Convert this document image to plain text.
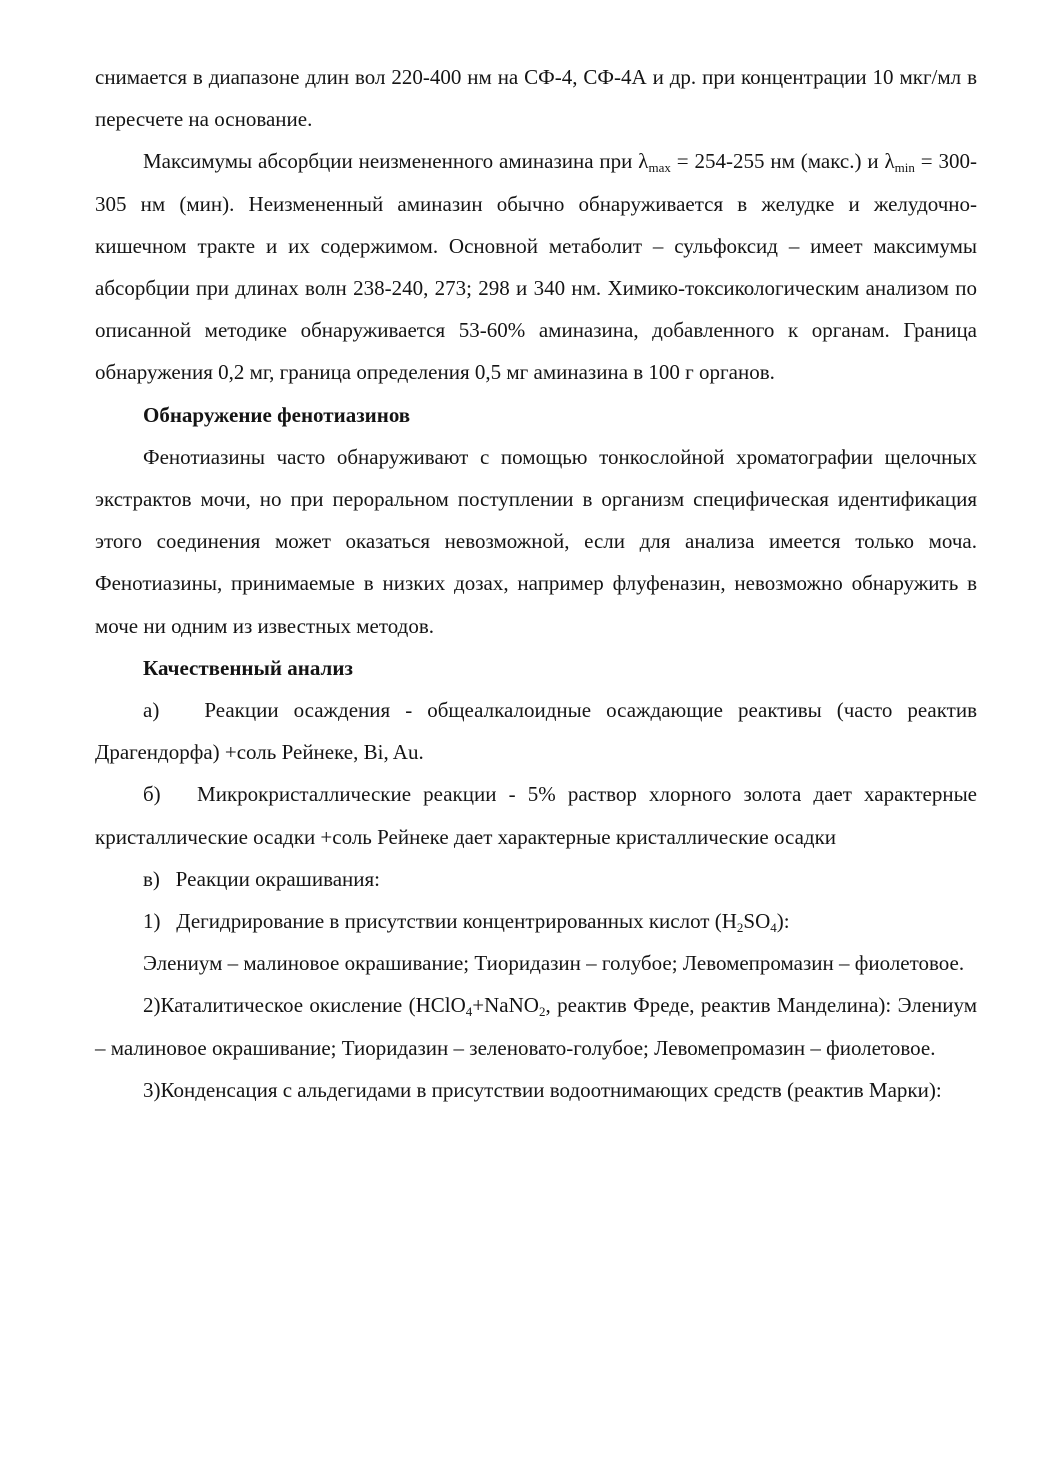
снимается в диапазоне длин вол 220-400 нм на СФ-4, СФ-4А и др. при концентрации 10 мкг/мл в пересчете на основание.

Максимумы абсорбции неизмененного аминазина при $\lambda_{max} = 254-255$ нм (макс.) и $\lambda_{min} = 300-305$ нм (мин). Неизмененный аминазин обычно обнаруживается в желудке и желудочно-кишечном тракте и их содержимом. Основной метаболит – сульфоксид – имеет максимумы абсорбции при длинах волн 238-240, 273; 298 и 340 нм. Химико-токсикологическим анализом по описанной методике обнаруживается 53-60% аминазина, добавленного к органам. Граница обнаружения 0,2 мг, граница определения 0,5 мг аминазина в 100 г органов.

Обнаружение фенотиазинов

Фенотиазины часто обнаруживают с помощью тонкослойной хроматографии щелочных экстрактов мочи, но при пероральном поступлении в организм специфическая идентификация этого соединения может оказаться невозможной, если для анализа имеется только моча. Фенотиазины, принимаемые в низких дозах, например флуфеназин, невозможно обнаружить в моче ни одним из известных методов.

Качественный анализ

а) Реакции осаждения - общеалкалоидные осаждающие реактивы (часто реактив Драгендорфа) +соль Рейнеке, Bi, Au.

б) Микрокристаллические реакции - 5% раствор хлорного золота дает характерные кристаллические осадки +соль Рейнеке дает характерные кристаллические осадки

в) Реакции окрашивания:

1) Дегидрирование в присутствии концентрированных кислот $(H_2SO_4)$:

Элениум – малиновое окрашивание; Тиоридазин – голубое; Левомепромазин – фиолетовое.

2)Каталитическое окисление (HClO$_4$+NaNO$_2$, реактив Фреде, реактив Манделина): Элениум – малиновое окрашивание; Тиоридазин – зеленовато-голубое; Левомепромазин – фиолетовое.

3)Конденсация с альдегидами в присутствии водоотнимающих средств (реактив Марки):
